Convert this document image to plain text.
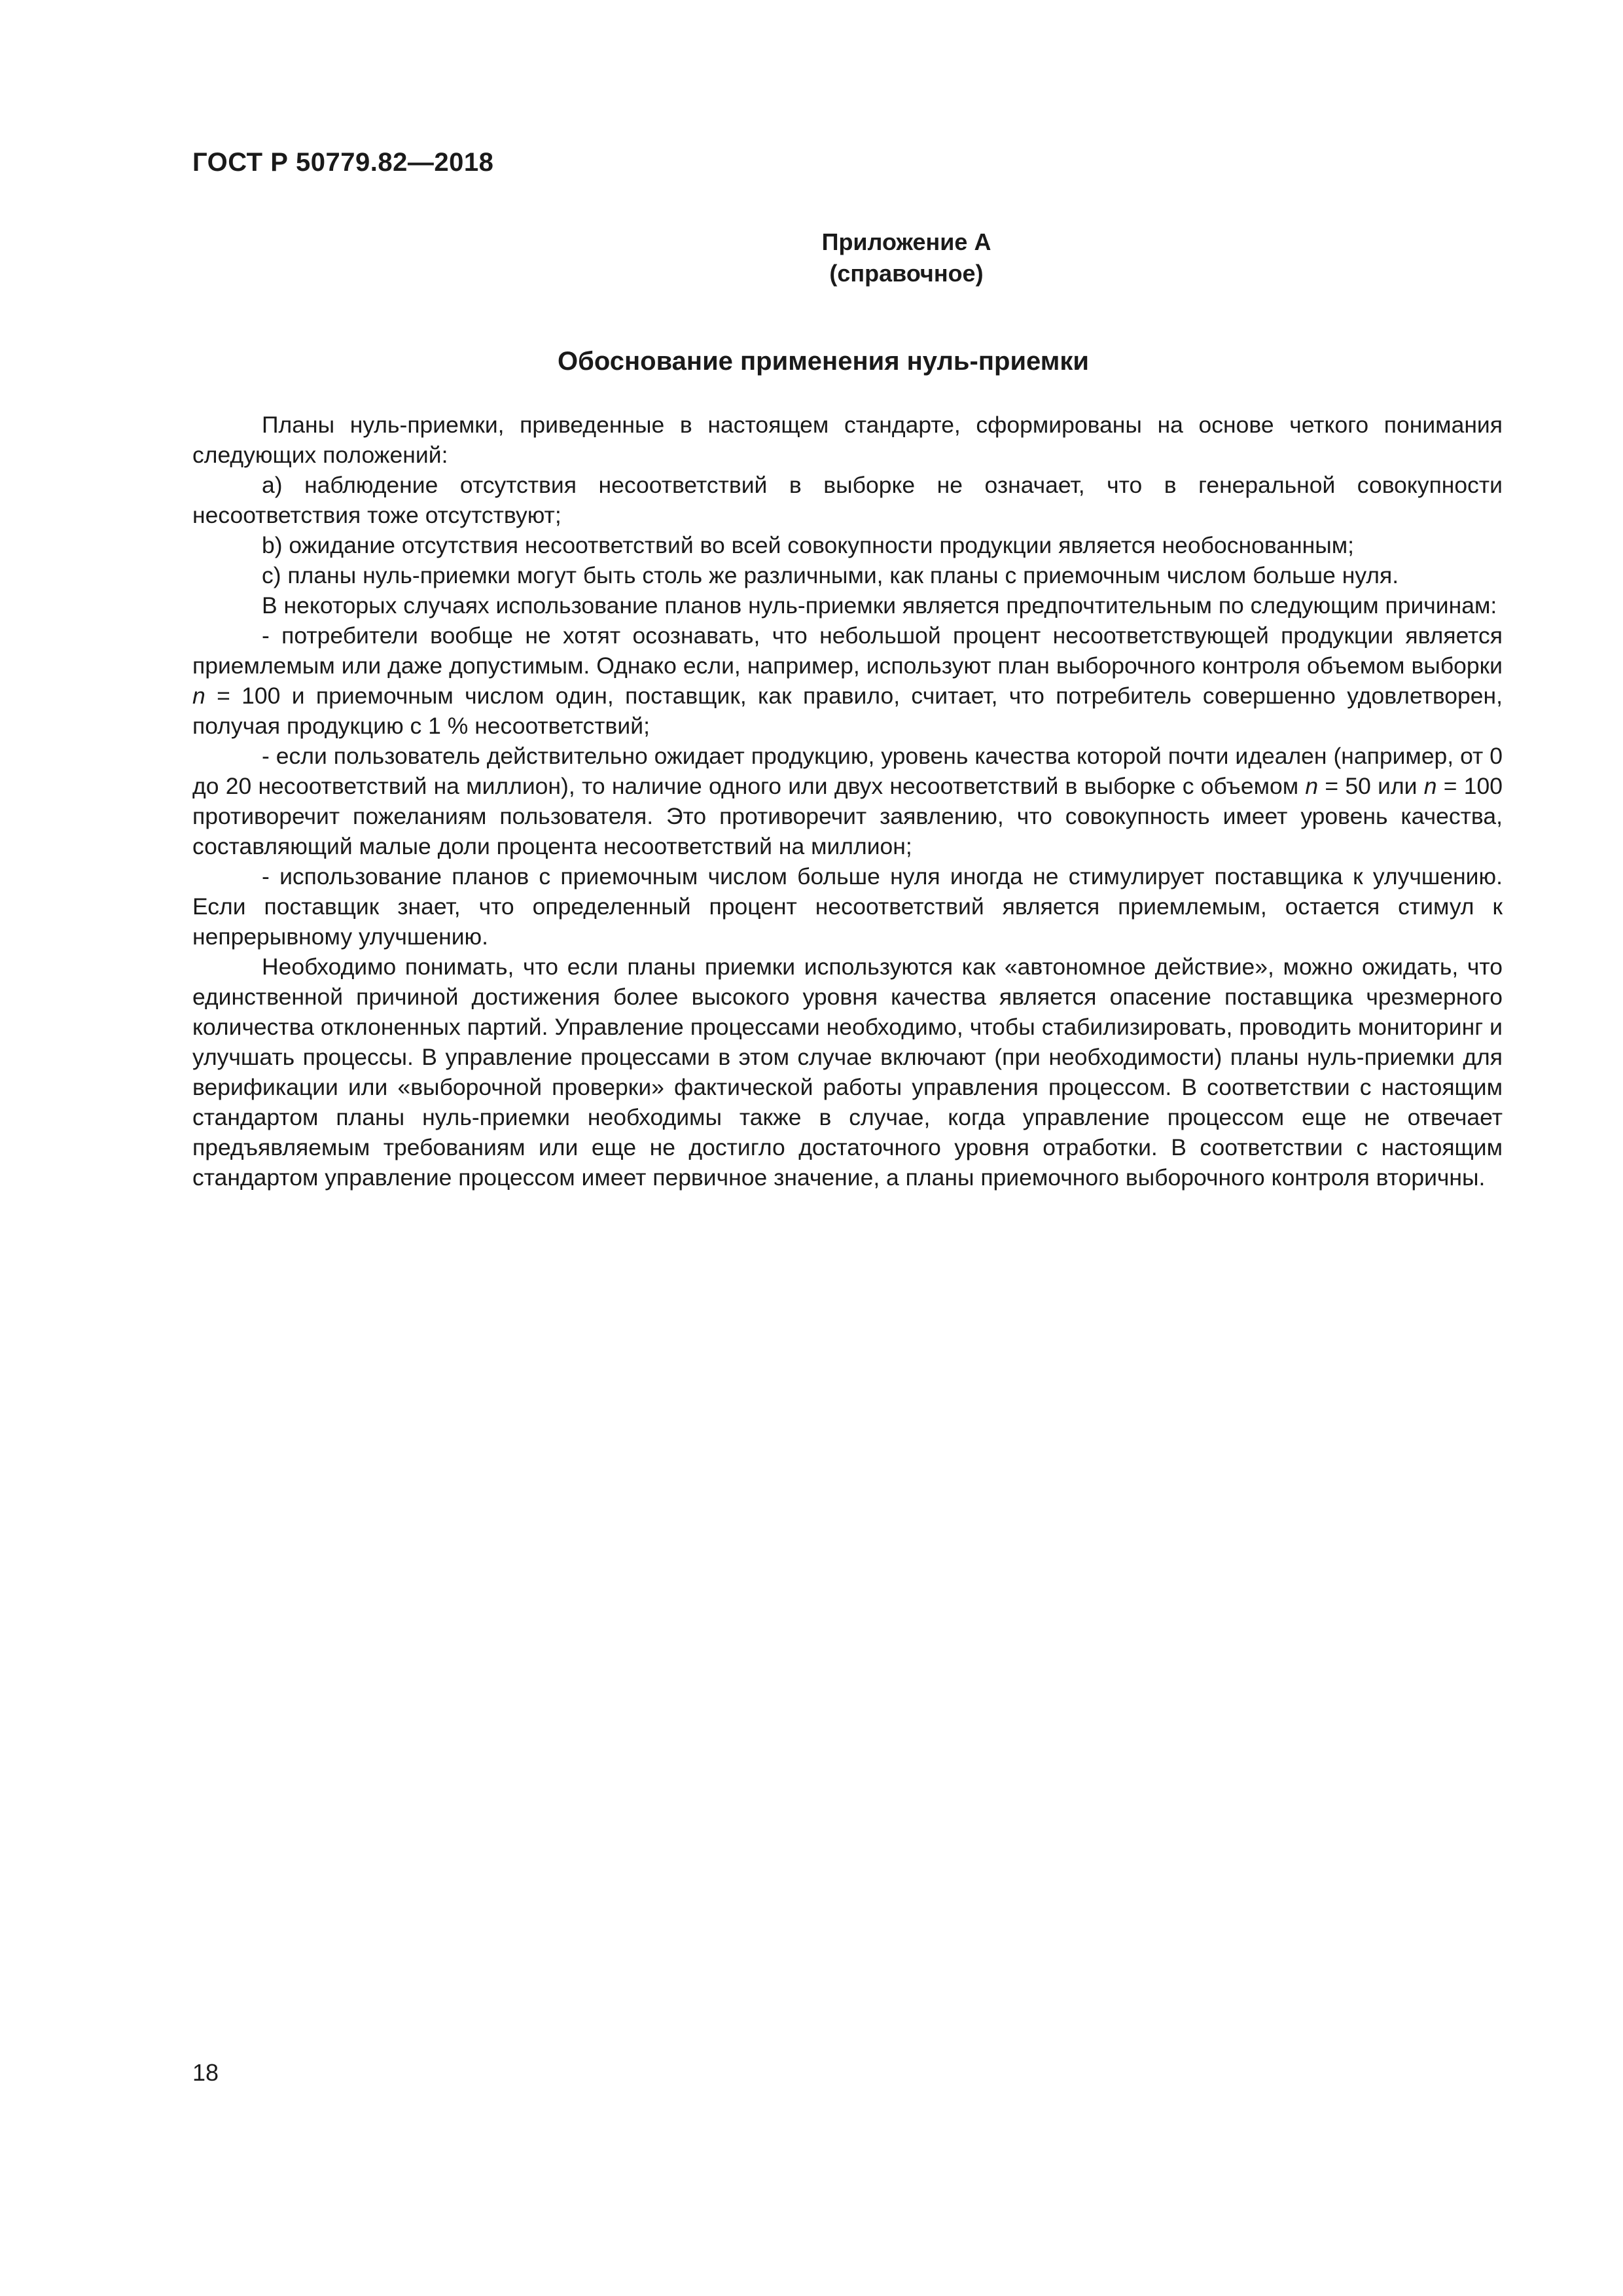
ГОСТ Р 50779.82—2018
Приложение А
(справочное)
Обоснование применения нуль-приемки

Планы нуль-приемки, приведенные в настоящем стандарте, сформированы на основе четкого понимания следующих положений:

a) наблюдение отсутствия несоответствий в выборке не означает, что в генеральной совокупности несоответствия тоже отсутствуют;

b) ожидание отсутствия несоответствий во всей совокупности продукции является необоснованным;

c) планы нуль-приемки могут быть столь же различными, как планы с приемочным числом больше нуля.

В некоторых случаях использование планов нуль-приемки является предпочтительным по следующим причинам:

- потребители вообще не хотят осознавать, что небольшой процент несоответствующей продукции является приемлемым или даже допустимым. Однако если, например, используют план выборочного контроля объемом выборки n = 100 и приемочным числом один, поставщик, как правило, считает, что потребитель совершенно удовлетворен, получая продукцию с 1 % несоответствий;

- если пользователь действительно ожидает продукцию, уровень качества которой почти идеален (например, от 0 до 20 несоответствий на миллион), то наличие одного или двух несоответствий в выборке с объемом n = 50 или n = 100 противоречит пожеланиям пользователя. Это противоречит заявлению, что совокупность имеет уровень качества, составляющий малые доли процента несоответствий на миллион;

- использование планов с приемочным числом больше нуля иногда не стимулирует поставщика к улучшению. Если поставщик знает, что определенный процент несоответствий является приемлемым, остается стимул к непрерывному улучшению.

Необходимо понимать, что если планы приемки используются как «автономное действие», можно ожидать, что единственной причиной достижения более высокого уровня качества является опасение поставщика чрезмерного количества отклоненных партий. Управление процессами необходимо, чтобы стабилизировать, проводить мониторинг и улучшать процессы. В управление процессами в этом случае включают (при необходимости) планы нуль-приемки для верификации или «выборочной проверки» фактической работы управления процессом. В соответствии с настоящим стандартом планы нуль-приемки необходимы также в случае, когда управление процессом еще не отвечает предъявляемым требованиям или еще не достигло достаточного уровня отработки. В соответствии с настоящим стандартом управление процессом имеет первичное значение, а планы приемочного выборочного контроля вторичны.

18
